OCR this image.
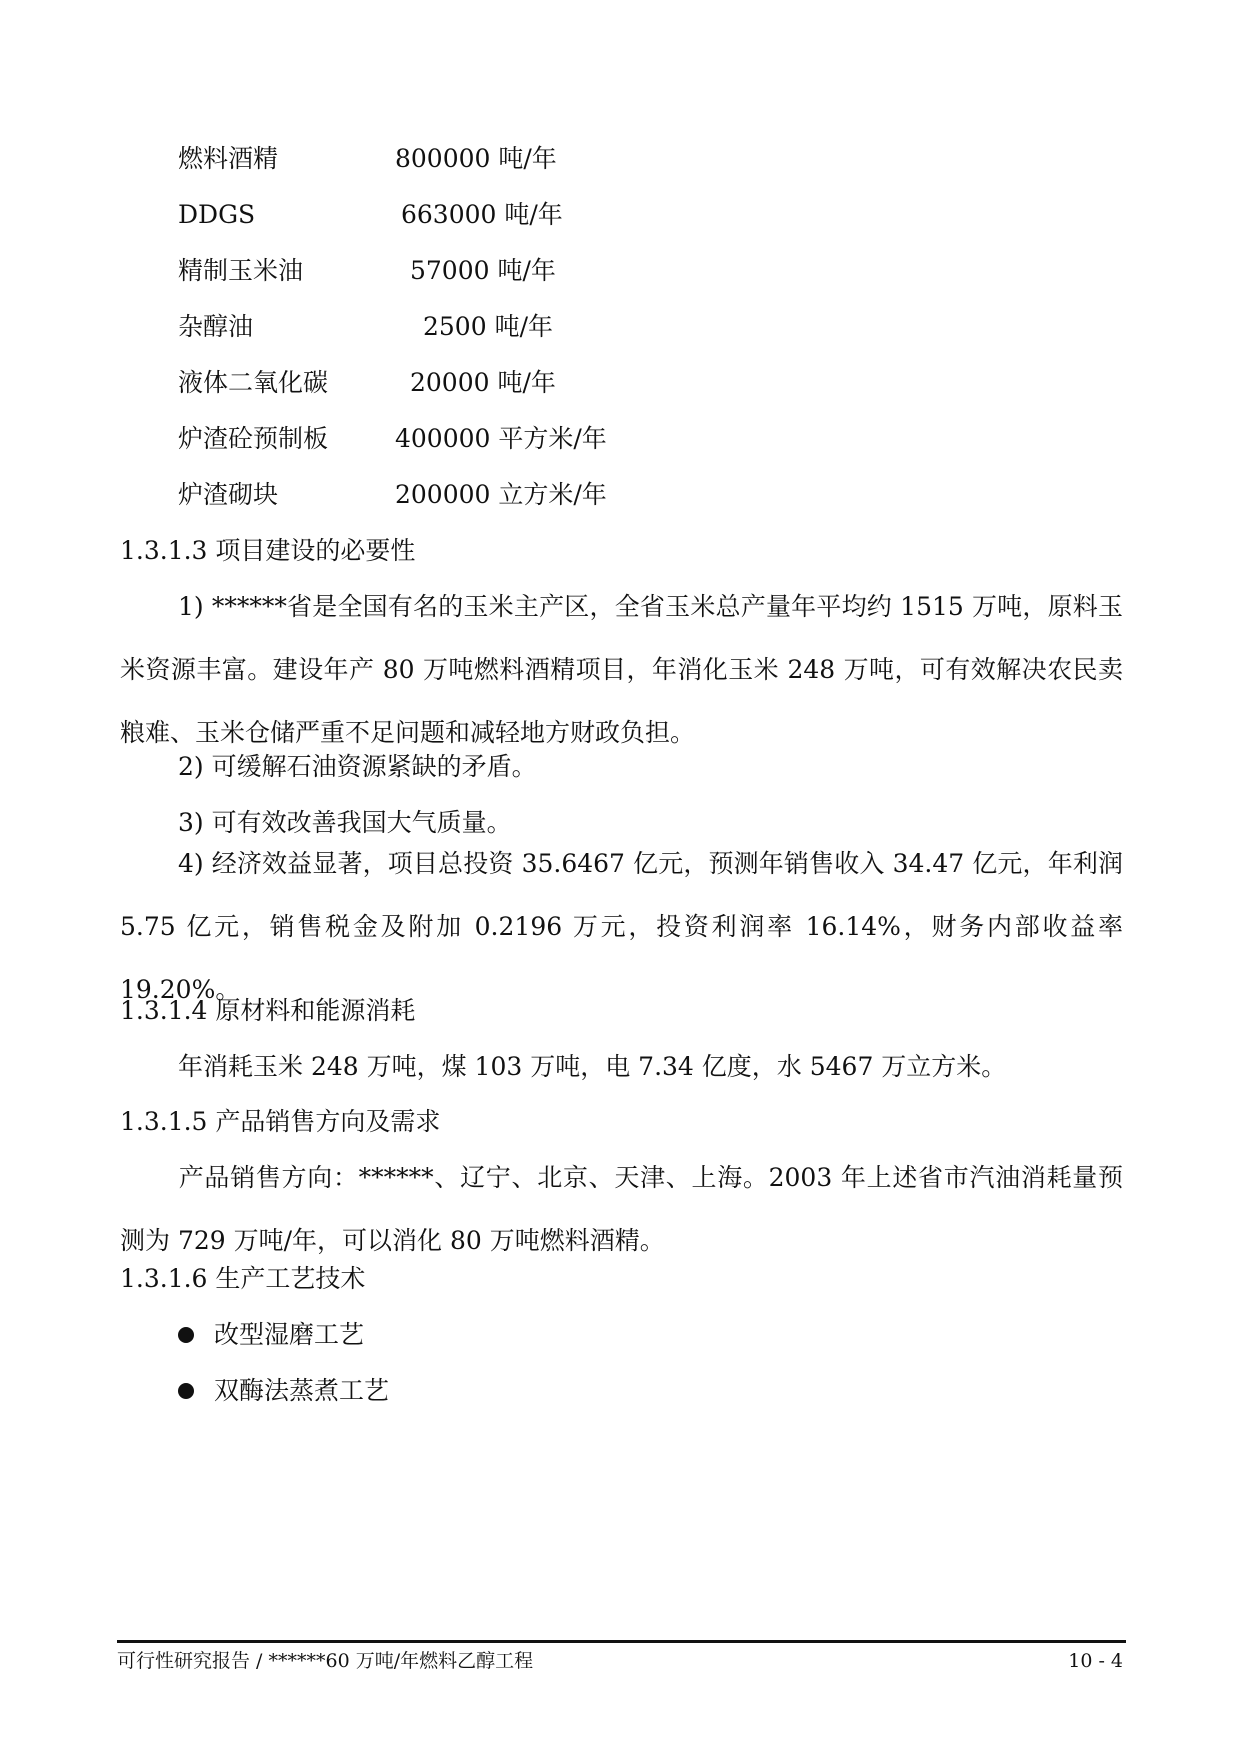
燃料酒精	800000 吨/年
DDGS	663000 吨/年
精制玉米油	57000 吨/年
杂醇油	2500 吨/年
液体二氧化碳	20000 吨/年
炉渣砼预制板	400000 平方米/年
炉渣砌块	200000 立方米/年
1.3.1.3 项目建设的必要性
1) ******省是全国有名的玉米主产区，全省玉米总产量年平均约 1515 万吨，原料玉米资源丰富。建设年产 80 万吨燃料酒精项目，年消化玉米 248 万吨，可有效解决农民卖粮难、玉米仓储严重不足问题和减轻地方财政负担。
2) 可缓解石油资源紧缺的矛盾。
3) 可有效改善我国大气质量。
4) 经济效益显著，项目总投资 35.6467 亿元，预测年销售收入 34.47 亿元，年利润 5.75 亿元，销售税金及附加 0.2196 万元，投资利润率 16.14%，财务内部收益率 19.20%。
1.3.1.4 原材料和能源消耗
年消耗玉米 248 万吨，煤 103 万吨，电 7.34 亿度，水 5467 万立方米。
1.3.1.5 产品销售方向及需求
产品销售方向：******、辽宁、北京、天津、上海。2003 年上述省市汽油消耗量预测为 729 万吨/年，可以消化 80 万吨燃料酒精。
1.3.1.6 生产工艺技术
改型湿磨工艺
双酶法蒸煮工艺
可行性研究报告 / ******60 万吨/年燃料乙醇工程	10 - 4
